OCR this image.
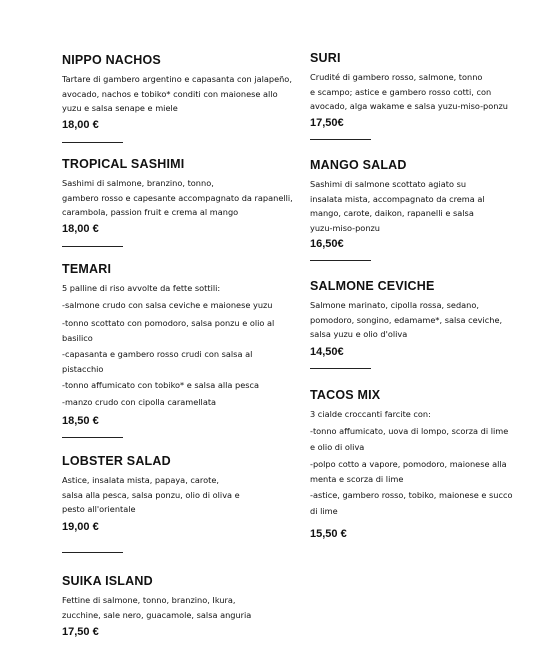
NIPPO NACHOS
Tartare di gambero argentino e capasanta con jalapeño,
avocado, nachos e tobiko* conditi con maionese allo
yuzu e salsa senape e miele
18,00 €
TROPICAL SASHIMI
Sashimi di salmone, branzino, tonno,
gambero rosso e capesante accompagnato da rapanelli,
carambola, passion fruit e crema al mango
18,00 €
TEMARI
5 palline di riso avvolte da fette sottili:
-salmone crudo con salsa ceviche e maionese yuzu
-tonno scottato con pomodoro, salsa ponzu e olio al
basilico
-capasanta e gambero rosso crudi con salsa al
pistacchio
-tonno affumicato con tobiko* e salsa alla pesca
-manzo crudo con cipolla caramellata
18,50 €
LOBSTER SALAD
Astice, insalata mista, papaya, carote,
salsa alla pesca, salsa ponzu, olio di oliva e
pesto all'orientale
19,00 €
SUIKA ISLAND
Fettine di salmone, tonno, branzino, Ikura,
zucchine, sale nero, guacamole, salsa anguria
17,50 €
SURI
Crudité di gambero rosso, salmone, tonno
e scampo; astice e gambero rosso cotti, con
avocado, alga wakame e salsa yuzu-miso-ponzu
17,50€
MANGO SALAD
Sashimi di salmone scottato agiato su
insalata mista, accompagnato da crema al
mango, carote, daikon, rapanelli e salsa
yuzu-miso-ponzu
16,50€
SALMONE CEVICHE
Salmone marinato, cipolla rossa, sedano,
pomodoro, songino, edamame*, salsa ceviche,
salsa yuzu e olio d'oliva
14,50€
TACOS MIX
3 cialde croccanti farcite con:
-tonno affumicato, uova di lompo, scorza di lime
e olio di oliva
-polpo cotto a vapore, pomodoro, maionese alla
menta e scorza di lime
-astice, gambero rosso, tobiko, maionese e succo
di lime
15,50 €
